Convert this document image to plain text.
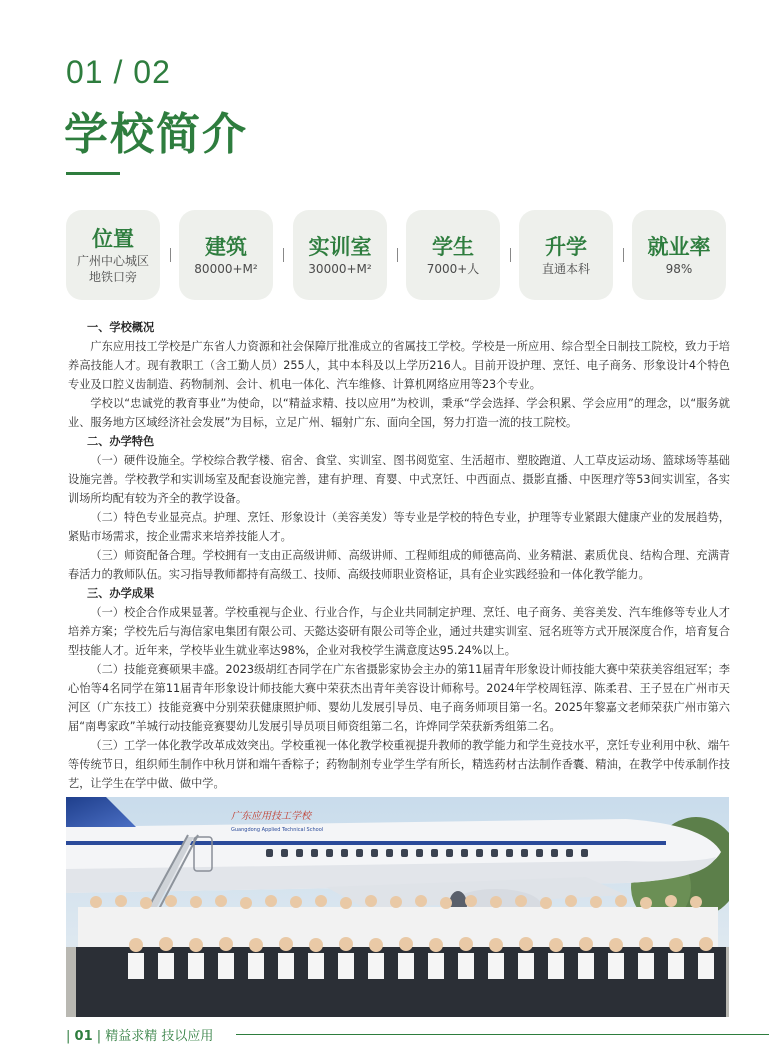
01 / 02
学校简介
位置
广州中心城区
地铁口旁
建筑
80000+M²
实训室
30000+M²
学生
7000+人
升学
直通本科
就业率
98%

一、学校概况

广东应用技工学校是广东省人力资源和社会保障厅批准成立的省属技工学校。学校是一所应用、综合型全日制技工院校，致力于培养高技能人才。现有教职工（含工勤人员）255人，其中本科及以上学历216人。目前开设护理、烹饪、电子商务、形象设计4个特色专业及口腔义齿制造、药物制剂、会计、机电一体化、汽车维修、计算机网络应用等23个专业。

学校以“忠诚党的教育事业”为使命，以“精益求精、技以应用”为校训，秉承“学会选择、学会积累、学会应用”的理念，以“服务就业、服务地方区域经济社会发展”为目标，立足广州、辐射广东、面向全国，努力打造一流的技工院校。

二、办学特色

（一）硬件设施全。学校综合教学楼、宿舍、食堂、实训室、图书阅览室、生活超市、塑胶跑道、人工草皮运动场、篮球场等基础设施完善。学校教学和实训场室及配套设施完善，建有护理、育婴、中式烹饪、中西面点、摄影直播、中医理疗等53间实训室，各实训场所均配有较为齐全的教学设备。

（二）特色专业显亮点。护理、烹饪、形象设计（美容美发）等专业是学校的特色专业，护理等专业紧跟大健康产业的发展趋势，紧贴市场需求，按企业需求来培养技能人才。

（三）师资配备合理。学校拥有一支由正高级讲师、高级讲师、工程师组成的师德高尚、业务精湛、素质优良、结构合理、充满青春活力的教师队伍。实习指导教师都持有高级工、技师、高级技师职业资格证，具有企业实践经验和一体化教学能力。

三、办学成果

（一）校企合作成果显著。学校重视与企业、行业合作，与企业共同制定护理、烹饪、电子商务、美容美发、汽车维修等专业人才培养方案；学校先后与海信家电集团有限公司、天懿达姿研有限公司等企业，通过共建实训室、冠名班等方式开展深度合作，培育复合型技能人才。近年来，学校毕业生就业率达98%，企业对我校学生满意度达95.24%以上。

（二）技能竞赛硕果丰盛。2023级胡红杏同学在广东省摄影家协会主办的第11届青年形象设计师技能大赛中荣获美容组冠军；李心怡等4名同学在第11届青年形象设计师技能大赛中荣获杰出青年美容设计师称号。2024年学校周钰淳、陈柔君、王子昱在广州市天河区（广东技工）技能竞赛中分别荣获健康照护师、婴幼儿发展引导员、电子商务师项目第一名。2025年黎嘉文老师荣获广州市第六届“南粤家政”羊城行动技能竞赛婴幼儿发展引导员项目师资组第二名，许烨同学荣获新秀组第二名。

（三）工学一体化教学改革成效突出。学校重视一体化教学校重视提升教师的教学能力和学生竞技水平，烹饪专业利用中秋、端午等传统节日，组织师生制作中秋月饼和端午香粽子；药物制剂专业学生学有所长，精选药材古法制作香囊、精油，在教学中传承制作技艺，让学生在学中做、做中学。

广东应用技工学校
Guangdong Applied Technical School
| 01 | 精益求精 技以应用
